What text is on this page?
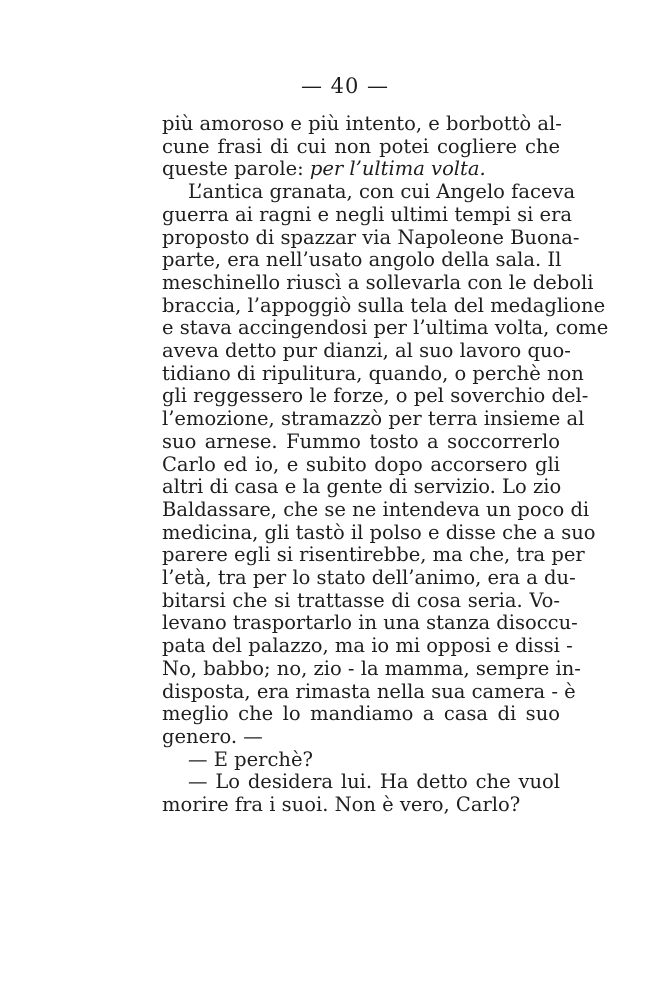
— 40 —
più amoroso e più intento, e borbottò al-
cune frasi di cui non potei cogliere che
queste parole: per l’ultima volta.
L’antica granata, con cui Angelo faceva
guerra ai ragni e negli ultimi tempi si era
proposto di spazzar via Napoleone Buona-
parte, era nell’usato angolo della sala. Il
meschinello riuscì a sollevarla con le deboli
braccia, l’appoggiò sulla tela del medaglione
e stava accingendosi per l’ultima volta, come
aveva detto pur dianzi, al suo lavoro quo-
tidiano di ripulitura, quando, o perchè non
gli reggessero le forze, o pel soverchio del-
l’emozione, stramazzò per terra insieme al
suo arnese. Fummo tosto a soccorrerlo
Carlo ed io, e subito dopo accorsero gli
altri di casa e la gente di servizio. Lo zio
Baldassare, che se ne intendeva un poco di
medicina, gli tastò il polso e disse che a suo
parere egli si risentirebbe, ma che, tra per
l’età, tra per lo stato dell’animo, era a du-
bitarsi che si trattasse di cosa seria. Vo-
levano trasportarlo in una stanza disoccu-
pata del palazzo, ma io mi opposi e dissi -
No, babbo; no, zio - la mamma, sempre in-
disposta, era rimasta nella sua camera - è
meglio che lo mandiamo a casa di suo
genero. —
— E perchè?
— Lo desidera lui. Ha detto che vuol
morire fra i suoi. Non è vero, Carlo?
